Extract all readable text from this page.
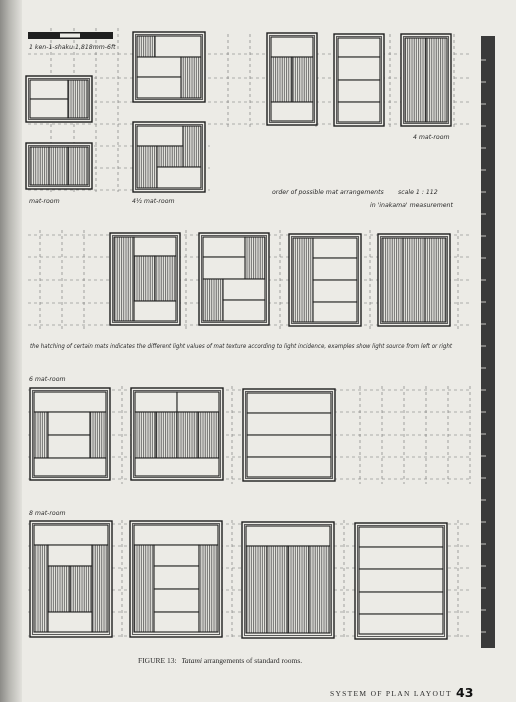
1 ken-1-shaku 1,818mm-6ft
mat-room	4½ mat-room
4 mat-room
order of possible mat arrangements scale 1 : 112
in 'inakama' measurement
the hatching of certain mats indicates the different light values of mat texture according to light incidence, examples show light source from left or right
6 mat-room
8 mat-room
FIGURE 13: Tatami arrangements of standard rooms.
SYSTEM OF PLAN LAYOUT 43
